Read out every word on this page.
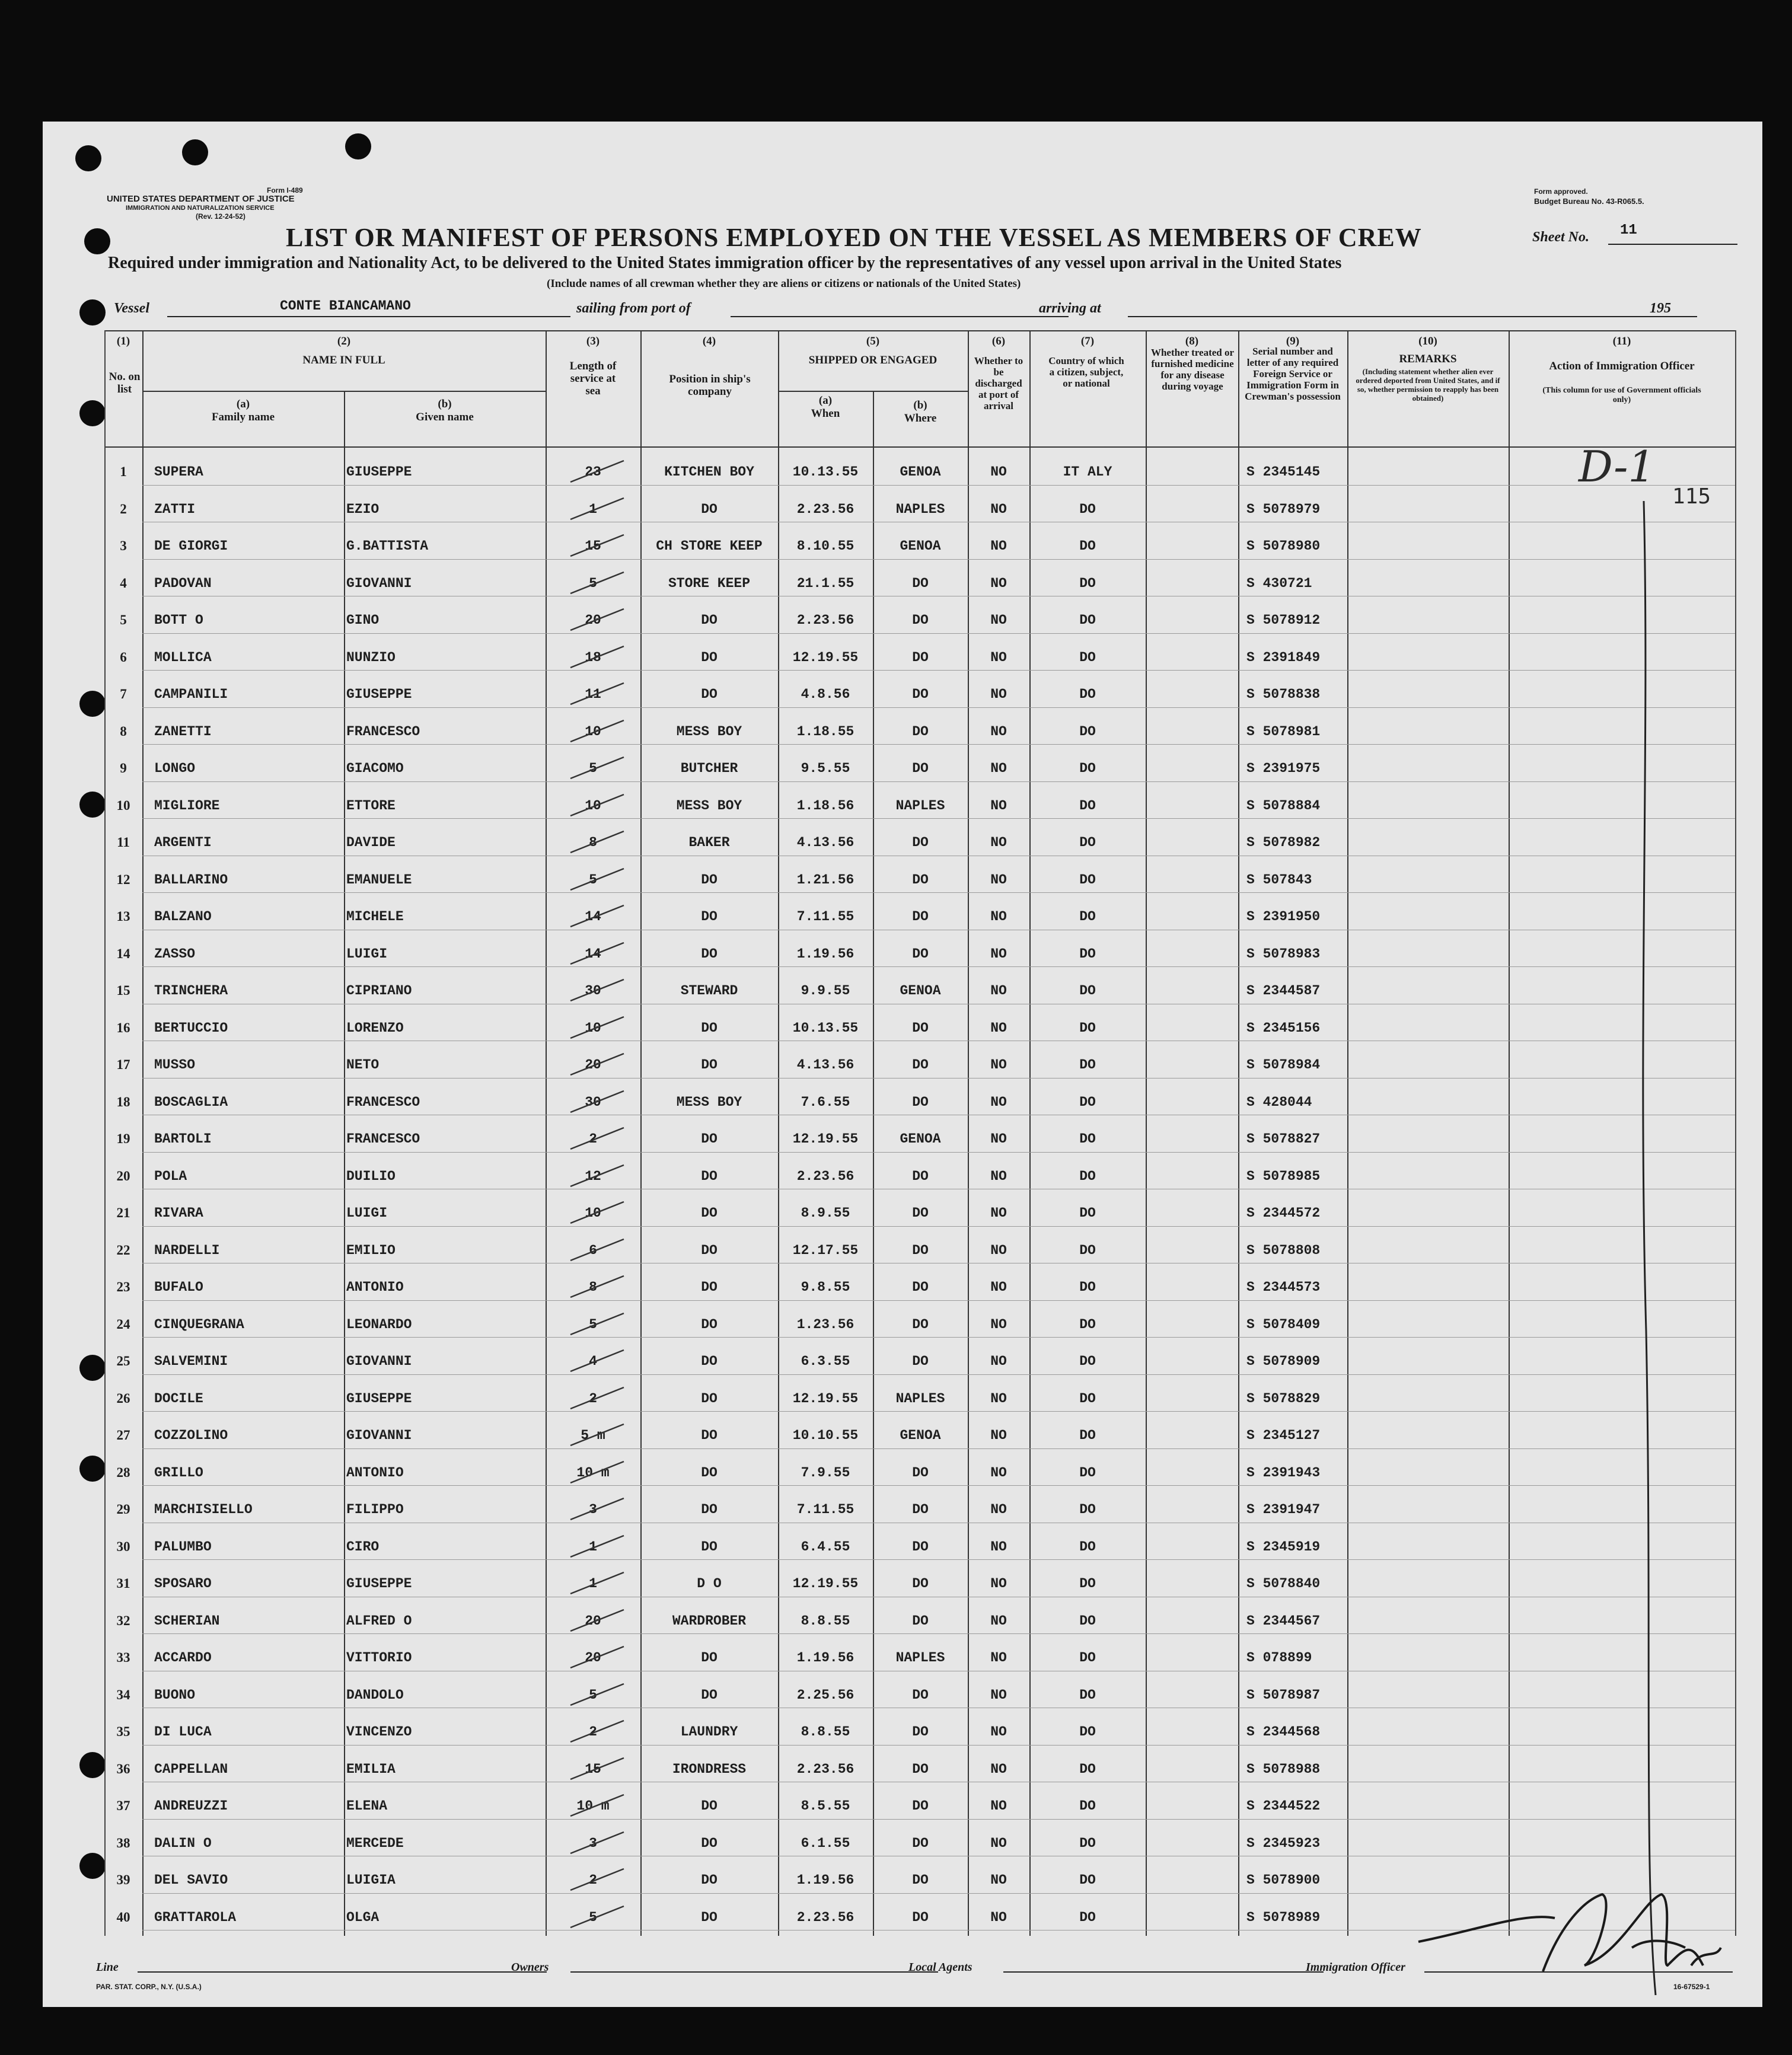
Form I-489
UNITED STATES DEPARTMENT OF JUSTICE
IMMIGRATION AND NATURALIZATION SERVICE
(Rev. 12-24-52)
Form approved.
Budget Bureau No. 43-R065.5.
LIST OR MANIFEST OF PERSONS EMPLOYED ON THE VESSEL AS MEMBERS OF CREW	Sheet No. 11
Required under immigration and Nationality Act, to be delivered to the United States immigration officer by the representatives of any vessel upon arrival in the United States
(Include names of all crewman whether they are aliens or citizens or nationals of the United States)
Vessel	CONTE BIANCAMANO	sailing from port of	arriving at	195
(1)
No. on list
(2)
NAME IN FULL
(a)
Family name
(b)
Given name
(3)
Length of service at sea
(4)
Position in ship's company
(5)
SHIPPED OR ENGAGED
(a)
When
(b)
Where
(6)
Whether to be discharged at port of arrival
(7)
Country of which a citizen, subject, or national
(8)
Whether treated or furnished medicine for any disease during voyage
(9)
Serial number and letter of any required Foreign Service or Immigration Form in Crewman's possession
(10)
REMARKS
(Including statement whether alien ever ordered deported from United States, and if so, whether permission to reapply has been obtained)
(11)
Action of Immigration Officer
(This column for use of Government officials only)
1	SUPERA	GIUSEPPE	23	KITCHEN BOY	10.13.55	GENOA	NO	IT ALY	S 2345145
2	ZATTI	EZIO	1	DO	2.23.56	NAPLES	NO	DO	S 5078979
3	DE GIORGI	G.BATTISTA	15	CH STORE KEEP	8.10.55	GENOA	NO	DO	S 5078980
4	PADOVAN	GIOVANNI	5	STORE KEEP	21.1.55	DO	NO	DO	S 430721
5	BOTT O	GINO	20	DO	2.23.56	DO	NO	DO	S 5078912
6	MOLLICA	NUNZIO	18	DO	12.19.55	DO	NO	DO	S 2391849
7	CAMPANILI	GIUSEPPE	11	DO	4.8.56	DO	NO	DO	S 5078838
8	ZANETTI	FRANCESCO	10	MESS BOY	1.18.55	DO	NO	DO	S 5078981
9	LONGO	GIACOMO	5	BUTCHER	9.5.55	DO	NO	DO	S 2391975
10	MIGLIORE	ETTORE	10	MESS BOY	1.18.56	NAPLES	NO	DO	S 5078884
11	ARGENTI	DAVIDE	8	BAKER	4.13.56	DO	NO	DO	S 5078982
12	BALLARINO	EMANUELE	5	DO	1.21.56	DO	NO	DO	S 507843
13	BALZANO	MICHELE	14	DO	7.11.55	DO	NO	DO	S 2391950
14	ZASSO	LUIGI	14	DO	1.19.56	DO	NO	DO	S 5078983
15	TRINCHERA	CIPRIANO	30	STEWARD	9.9.55	GENOA	NO	DO	S 2344587
16	BERTUCCIO	LORENZO	10	DO	10.13.55	DO	NO	DO	S 2345156
17	MUSSO	NETO	20	DO	4.13.56	DO	NO	DO	S 5078984
18	BOSCAGLIA	FRANCESCO	30	MESS BOY	7.6.55	DO	NO	DO	S 428044
19	BARTOLI	FRANCESCO	2	DO	12.19.55	GENOA	NO	DO	S 5078827
20	POLA	DUILIO	12	DO	2.23.56	DO	NO	DO	S 5078985
21	RIVARA	LUIGI	10	DO	8.9.55	DO	NO	DO	S 2344572
22	NARDELLI	EMILIO	6	DO	12.17.55	DO	NO	DO	S 5078808
23	BUFALO	ANTONIO	8	DO	9.8.55	DO	NO	DO	S 2344573
24	CINQUEGRANA	LEONARDO	5	DO	1.23.56	DO	NO	DO	S 5078409
25	SALVEMINI	GIOVANNI	4	DO	6.3.55	DO	NO	DO	S 5078909
26	DOCILE	GIUSEPPE	2	DO	12.19.55	NAPLES	NO	DO	S 5078829
27	COZZOLINO	GIOVANNI	5 m	DO	10.10.55	GENOA	NO	DO	S 2345127
28	GRILLO	ANTONIO	10 m	DO	7.9.55	DO	NO	DO	S 2391943
29	MARCHISIELLO	FILIPPO	3	DO	7.11.55	DO	NO	DO	S 2391947
30	PALUMBO	CIRO	1	DO	6.4.55	DO	NO	DO	S 2345919
31	SPOSARO	GIUSEPPE	1	D O	12.19.55	DO	NO	DO	S 5078840
32	SCHERIAN	ALFRED O	20	WARDROBER	8.8.55	DO	NO	DO	S 2344567
33	ACCARDO	VITTORIO	20	DO	1.19.56	NAPLES	NO	DO	S 078899
34	BUONO	DANDOLO	5	DO	2.25.56	DO	NO	DO	S 5078987
35	DI LUCA	VINCENZO	2	LAUNDRY	8.8.55	DO	NO	DO	S 2344568
36	CAPPELLAN	EMILIA	15	IRONDRESS	2.23.56	DO	NO	DO	S 5078988
37	ANDREUZZI	ELENA	10 m	DO	8.5.55	DO	NO	DO	S 2344522
38	DALIN O	MERCEDE	3	DO	6.1.55	DO	NO	DO	S 2345923
39	DEL SAVIO	LUIGIA	2	DO	1.19.56	DO	NO	DO	S 5078900
40	GRATTAROLA	OLGA	5	DO	2.23.56	DO	NO	DO	S 5078989
D-1
115
Line	Owners	Local Agents	Immigration Officer
PAR. STAT. CORP., N.Y. (U.S.A.)	16-67529-1
